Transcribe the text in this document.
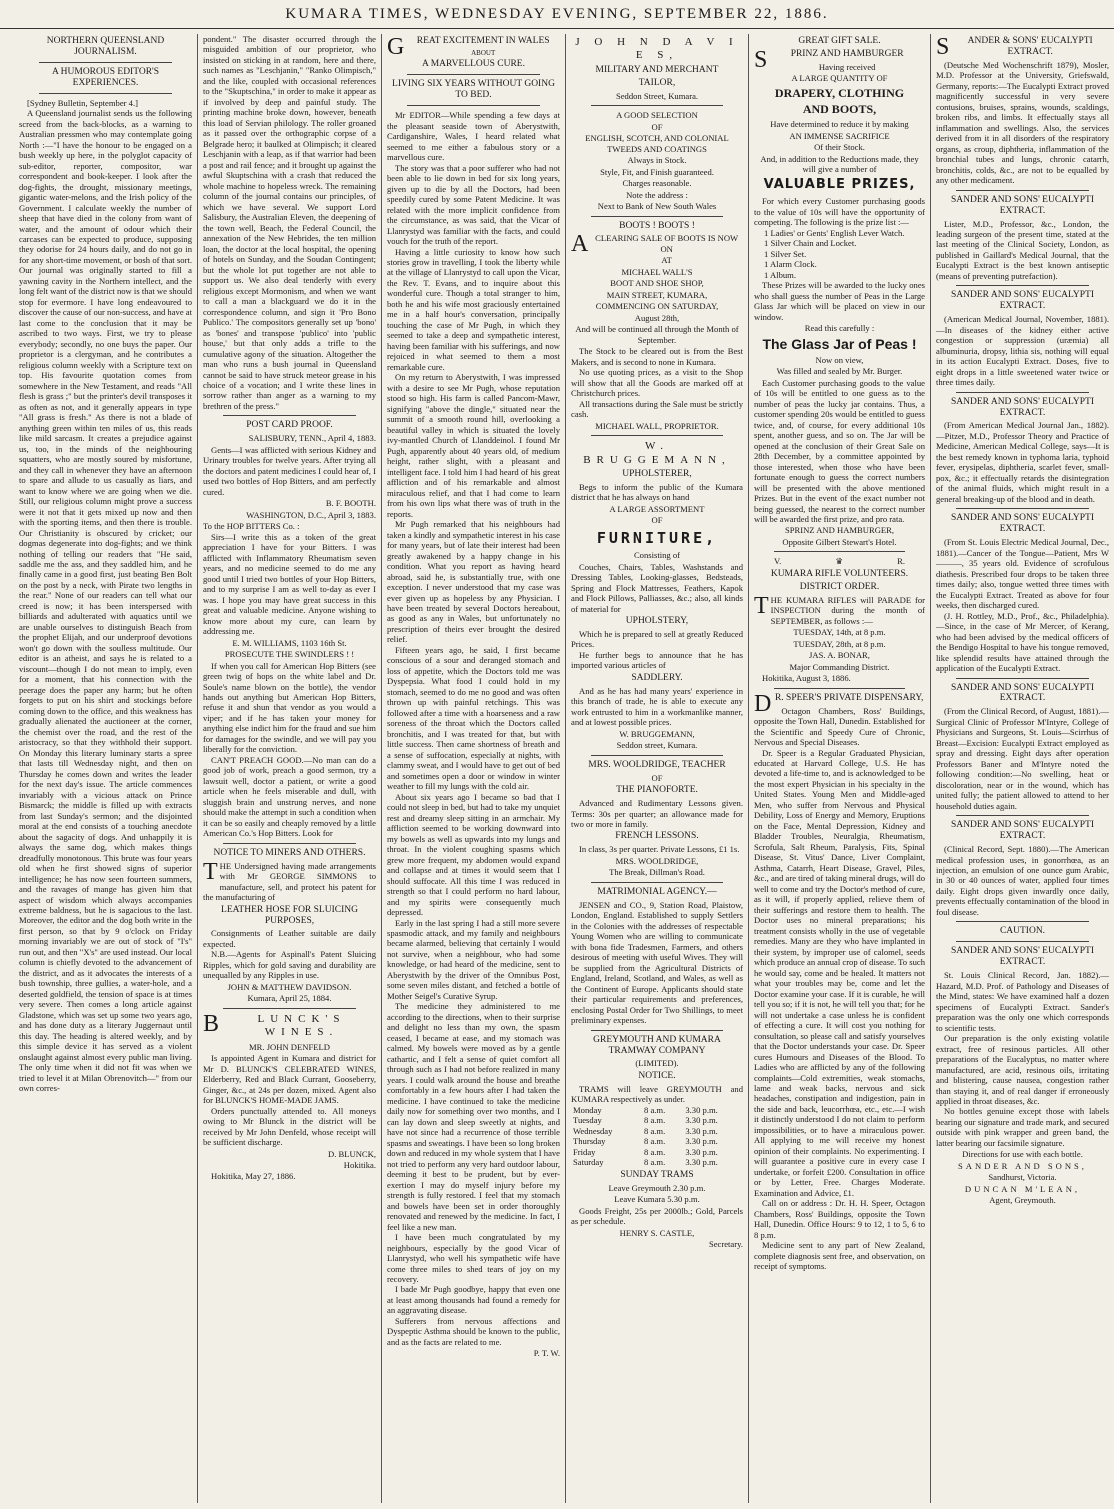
KUMARA TIMES, WEDNESDAY EVENING, SEPTEMBER 22, 1886.
NORTHERN QUEENSLAND JOURNALISM.
A HUMOROUS EDITOR'S EXPERIENCES.

[Sydney Bulletin, September 4.]

A Queensland journalist sends us the following screed from the back-blocks, as a warning to Australian pressmen who may contemplate going North :—"I have the honour to be engaged on a bush weekly up here, in the polyglot capacity of sub-editor, reporter, compositor, war correspondent and book-keeper. I look after the dog-fights, the drought, missionary meetings, gigantic water-melons, and the Irish policy of the Government. I calculate weekly the number of sheep that have died in the colony from want of water, and the amount of odour which their carcases can be expected to produce, supposing they odorise for 24 hours daily, and do not go in for any short-time movement, or bosh of that sort. Our journal was originally started to fill a yawning cavity in the Northern intellect, and the long felt want of the district now is that we should stop for evermore. I have long endeavoured to discover the cause of our non-success, and have at last come to the conclusion that it may be ascribed to two ways. First, we try to please everybody; secondly, no one buys the paper. Our proprietor is a clergyman, and he contributes a religious column weekly with a Scripture text on top. His favourite quotation comes from somewhere in the New Testament, and reads "All flesh is grass ;" but the printer's devil transposes it as often as not, and it generally appears in type "All grass is fresh." As there is not a blade of anything green within ten miles of us, this reads like mild sarcasm. It creates a prejudice against us, too, in the minds of the neighbouring squatters, who are mostly soured by misfortune, and they call in whenever they have an afternoon to spare and allude to us casually as liars, and want to know where we are going when we die. Still, our religious column might prove a success were it not that it gets mixed up now and then with the sporting items, and then there is trouble. Our Christianity is obscured by cricket; our dogmas degenerate into dog-fights; and we think nothing of telling our readers that "He said, saddle me the ass, and they saddled him, and he finally came in a good first, just beating Ben Bolt on the post by a neck, with Pirate two lengths in the rear." None of our readers can tell what our creed is now; it has been interspersed with billiards and adulterated with aquatics until we are unable ourselves to distinguish Beach from the prophet Elijah, and our underproof devotions won't go down with the soulless multitude. Our editor is an atheist, and says he is related to a viscount—though I do not mean to imply, even for a moment, that his connection with the peerage does the paper any harm; but he often forgets to put on his shirt and stockings before coming down to the office, and this weakness has gradually alienated the auctioneer at the corner, the chemist over the road, and the rest of the aristocracy, so that they withhold their support. On Monday this literary luminary starts a spree that lasts till Wednesday night, and then on Thursday he comes down and writes the leader for the next day's issue. The article commences invariably with a vicious attack on Prince Bismarck; the middle is filled up with extracts from last Sunday's sermon; and the disjointed moral at the end consists of a touching anecdote about the sagacity of dogs. And unhappily it is always the same dog, which makes things dreadfully monotonous. This brute was four years old when he first showed signs of superior intelligence; he has now seen fourteen summers, and the ravages of mange has given him that aspect of wisdom which always accompanies extreme baldness, but he is sagacious to the last. Moreover, the editor and the dog both write in the first person, so that by 9 o'clock on Friday morning invariably we are out of stock of "I's" run out, and then "X's" are used instead. Our local column is chiefly devoted to the advancement of the district, and as it advocates the interests of a bush township, three gullies, a water-hole, and a deserted goldfield, the tension of space is at times very severe. Then comes a long article against Gladstone, which was set up some two years ago, and has done duty as a literary Juggernaut until this day. The heading is altered weekly, and by this simple device it has served as a violent onslaught against almost every public man living. The only time when it did not fit was when we tried to level it at Milan Obrenovitch—" from our own corres-

pondent." The disaster occurred through the misguided ambition of our proprietor, who insisted on sticking in at random, here and there, such names as "Leschjanin," "Ranko Olimpisch," and the like, coupled with occasional references to the "Skuptschina," in order to make it appear as if involved by deep and painful study. The printing machine broke down, however, beneath this load of Servian philology. The roller groaned as it passed over the orthographic corpse of a Belgrade hero; it baulked at Olimpisch; it cleared Leschjanin with a leap, as if that warrior had been a post and rail fence; and it brought up against the awful Skuptschina with a crash that reduced the whole machine to hopeless wreck. The remaining column of the journal contains our principles, of which we have several. We support Lord Salisbury, the Australian Eleven, the deepening of the town well, Beach, the Federal Council, the annexation of the New Hebrides, the ten million loan, the doctor at the local hospital, the opening of hotels on Sunday, and the Soudan Contingent; but the whole lot put together are not able to support us. We also deal tenderly with every religious except Mormonism, and when we want to call a man a blackguard we do it in the correspondence column, and sign it 'Pro Bono Publico.' The compositors generally set up 'bono' as 'bones' and transpose 'publico' into 'public house,' but that only adds a trifle to the cumulative agony of the situation. Altogether the man who runs a bush journal in Queensland cannot be said to have struck meteor grease in his choice of a vocation; and I write these lines in sorrow rather than anger as a warning to my brethren of the press."

POST CARD PROOF.

SALISBURY, TENN., April 4, 1883.

Gents—I was afflicted with serious Kidney and Urinary troubles for twelve years. After trying all the doctors and patent medicines I could hear of, I used two bottles of Hop Bitters, and am perfectly cured.

B. F. BOOTH.

WASHINGTON, D.C., April 3, 1883.

To the HOP BITTERS Co. :

Sirs—I write this as a token of the great appreciation I have for your Bitters. I was afflicted with Inflammatory Rheumatism seven years, and no medicine seemed to do me any good until I tried two bottles of your Hop Bitters, and to my surprise I am as well to-day as ever I was. I hope you may have great success in this great and valuable medicine. Anyone wishing to know more about my cure, can learn by addressing me.

E. M. WILLIAMS, 1103 16th St.

PROSECUTE THE SWINDLERS ! !

If when you call for American Hop Bitters (see green twig of hops on the white label and Dr. Soule's name blown on the bottle), the vendor hands out anything but American Hop Bitters, refuse it and shun that vendor as you would a viper; and if he has taken your money for anything else indict him for the fraud and sue him for damages for the swindle, and we will pay you liberally for the conviction.

CAN'T PREACH GOOD.—No man can do a good job of work, preach a good sermon, try a lawsuit well, doctor a patient, or write a good article when he feels miserable and dull, with sluggish brain and unstrung nerves, and none should make the attempt in such a condition when it can be so easily and cheaply removed by a little American Co.'s Hop Bitters. Look for

NOTICE TO MINERS AND OTHERS.

THE Undersigned having made arrangements with Mr GEORGE SIMMONS to manufacture, sell, and protect his patent for the manufacturing of

LEATHER HOSE FOR SLUICING PURPOSES,

Consignments of Leather suitable are daily expected.

N.B.—Agents for Aspinall's Patent Sluicing Ripples, which for gold saving and durability are unequalled by any Ripples in use.

JOHN & MATTHEW DAVIDSON.

Kumara, April 25, 1884.

B	LUNCK'S WINES.

MR. JOHN DENFELD

Is appointed Agent in Kumara and district for Mr D. BLUNCK'S CELEBRATED WINES, Elderberry, Red and Black Currant, Gooseberry, Ginger, &c., at 24s per dozen, mixed. Agent also for BLUNCK'S HOME-MADE JAMS.

Orders punctually attended to. All moneys owing to Mr Blunck in the district will be received by Mr John Denfeld, whose receipt will be sufficient discharge.

D. BLUNCK,

Hokitika.

Hokitika, May 27, 1886.

G REAT EXCITEMENT IN WALES
ABOUT
A MARVELLOUS CURE.
LIVING SIX YEARS WITHOUT GOING TO BED.

Mr EDITOR—While spending a few days at the pleasant seaside town of Aberystwith, Cardiganshire, Wales, I heard related what seemed to me either a fabulous story or a marvellous cure.

The story was that a poor sufferer who had not been able to lie down in bed for six long years, given up to die by all the Doctors, had been speedily cured by some Patent Medicine. It was related with the more implicit confidence from the circumstance, as was said, that the Vicar of Llanrystyd was familiar with the facts, and could vouch for the truth of the report.

Having a little curiosity to know how such stories grow in travelling, I took the liberty while at the village of Llanrystyd to call upon the Vicar, the Rev. T. Evans, and to inquire about this wonderful cure. Though a total stranger to him, both he and his wife most graciously entertained me in a half hour's conversation, principally touching the case of Mr Pugh, in which they seemed to take a deep and sympathetic interest, having been familiar with his sufferings, and now rejoiced in what seemed to them a most remarkable cure.

On my return to Aberystwith, I was impressed with a desire to see Mr Pugh, whose reputation stood so high. His farm is called Pancom-Mawr, signifying "above the dingle," situated near the summit of a smooth round hill, overlooking a beautiful valley in which is situated the lovely ivy-mantled Church of Llanddeinol. I found Mr Pugh, apparently about 40 years old, of medium height, rather slight, with a pleasant and intelligent face. I told him I had heard of his great affliction and of his remarkable and almost miraculous relief, and that I had come to learn from his own lips what there was of truth in the reports.

Mr Pugh remarked that his neighbours had taken a kindly and sympathetic interest in his case for many years, but of late their interest had been greatly awakened by a happy change in his condition. What you report as having heard abroad, said he, is substantially true, with one exception. I never understood that my case was ever given up as hopeless by any Physician. I have been treated by several Doctors hereabout, as good as any in Wales, but unfortunately no prescription of theirs ever brought the desired relief.

Fifteen years ago, he said, I first became conscious of a sour and deranged stomach and loss of appetite, which the Doctors told me was Dyspepsia. What food I could hold in my stomach, seemed to do me no good and was often thrown up with painful retchings. This was followed after a time with a hoarseness and a raw soreness of the throat which the Doctors called bronchitis, and I was treated for that, but with little success. Then came shortness of breath and a sense of suffocation, especially at nights, with clammy sweat, and I would have to get out of bed and sometimes open a door or window in winter weather to fill my lungs with the cold air.

About six years ago I became so bad that I could not sleep in bed, but had to take my unquiet rest and dreamy sleep sitting in an armchair. My affliction seemed to be working downward into my bowels as well as upwards into my lungs and throat. In the violent coughing spasms which grew more frequent, my abdomen would expand and collapse and at times it would seem that I should suffocate. All this time I was reduced in strength so that I could perform no hard labour, and my spirits were consequently much depressed.

Early in the last spring I had a still more severe spasmodic attack, and my family and neighbours became alarmed, believing that certainly I would not survive, when a neighbour, who had some knowledge, or had heard of the medicine, sent to Aberystwith by the driver of the Omnibus Post, some seven miles distant, and fetched a bottle of Mother Seigel's Curative Syrup.

The medicine they administered to me according to the directions, when to their surprise and delight no less than my own, the spasm ceased, I became at ease, and my stomach was calmed. My bowels were moved as by a gentle cathartic, and I felt a sense of quiet comfort all through such as I had not before realized in many years. I could walk around the house and breathe comfortably in a few hours after I had taken the medicine. I have continued to take the medicine daily now for something over two months, and I can lay down and sleep sweetly at nights, and have not since had a recurrence of those terrible spasms and sweatings. I have been so long broken down and reduced in my whole system that I have not tried to perform any very hard outdoor labour, deeming it best to be prudent, but by ever-exertion I may do myself injury before my strength is fully restored. I feel that my stomach and bowels have been set in order thoroughly renovated and renewed by the medicine. In fact, I feel like a new man.

I have been much congratulated by my neighbours, especially by the good Vicar of Llanrystyd, who well his sympathetic wife have come three miles to shed tears of joy on my recovery.

I bade Mr Pugh goodbye, happy that even one at least among thousands had found a remedy for an aggravating disease.

Sufferers from nervous affections and Dyspeptic Asthma should be known to the public, and as the facts are related to me.

P. T. W.

J O H N D A V I E S,
MILITARY AND MERCHANT
TAILOR,

Seddon Street, Kumara.

A GOOD SELECTION

OF

ENGLISH, SCOTCH, AND COLONIAL TWEEDS AND COATINGS

Always in Stock.

Style, Fit, and Finish guaranteed.

Charges reasonable.

Note the address :

Next to Bank of New South Wales

BOOTS ! BOOTS !

ACLEARING SALE OF BOOTS IS NOW ON

AT

MICHAEL WALL'S

BOOT AND SHOE SHOP,

MAIN STREET, KUMARA,

COMMENCING ON SATURDAY,

August 28th,

And will be continued all through the Month of September.

The Stock to be cleared out is from the Best Makers, and is second to none in Kumara.

No use quoting prices, as a visit to the Shop will show that all the Goods are marked off at Christchurch prices.

All transactions during the Sale must be strictly cash.

MICHAEL WALL, PROPRIETOR.

W. BRUGGEMANN,
UPHOLSTERER,

Begs to inform the public of the Kumara district that he has always on hand

A LARGE ASSORTMENT

OF

FURNITURE,

Consisting of

Couches, Chairs, Tables, Washstands and Dressing Tables, Looking-glasses, Bedsteads, Spring and Flock Mattresses, Feathers, Kapok and Flock Pillows, Palliasses, &c.; also, all kinds of material for

UPHOLSTERY,

Which he is prepared to sell at greatly Reduced Prices.

He further begs to announce that he has imported various articles of

SADDLERY.

And as he has had many years' experience in this branch of trade, he is able to execute any work entrusted to him in a workmanlike manner, and at lowest possible prices.

W. BRUGGEMANN,

Seddon street, Kumara.

MRS. WOOLDRIDGE, TEACHER

OF

THE PIANOFORTE.

Advanced and Rudimentary Lessons given. Terms: 30s per quarter; an allowance made for two or more in family.

FRENCH LESSONS.

In class, 3s per quarter. Private Lessons, £1 1s.

MRS. WOOLDRIDGE,

The Break, Dillman's Road.

MATRIMONIAL AGENCY.—

JENSEN and CO., 9, Station Road, Plaistow, London, England. Established to supply Settlers in the Colonies with the addresses of respectable Young Women who are willing to communicate with bona fide Tradesmen, Farmers, and others desirous of meeting with useful Wives. They will be supplied from the Agricultural Districts of England, Ireland, Scotland, and Wales, as well as the Continent of Europe. Applicants should state their particular requirements and preferences, enclosing Postal Order for Two Shillings, to meet preliminary expenses.

GREYMOUTH AND KUMARA TRAMWAY COMPANY

(LIMITED).

NOTICE.

TRAMS will leave GREYMOUTH and KUMARA respectively as under.

Monday	8 a.m.	3.30 p.m.
Tuesday	8 a.m.	3.30 p.m.
Wednesday	8 a.m.	3.30 p.m.
Thursday	8 a.m.	3.30 p.m.
Friday	8 a.m.	3.30 p.m.
Saturday	8 a.m.	3.30 p.m.
SUNDAY TRAMS

Leave Greymouth 2.30 p.m.

Leave Kumara 5.30 p.m.

Goods Freight, 25s per 2000lb.; Gold, Parcels as per schedule.

HENRY S. CASTLE,

Secretary.

GREAT GIFT SALE.
S PRINZ AND HAMBURGER

Having received

A LARGE QUANTITY OF

DRAPERY, CLOTHING
AND BOOTS,

Have determined to reduce it by making

AN IMMENSE SACRIFICE

Of their Stock.

And, in addition to the Reductions made, they will give a number of

VALUABLE PRIZES,

For which every Customer purchasing goods to the value of 10s will have the opportunity of competing. The following is the prize list :—

1 Ladies' or Gents' English Lever Watch.

1 Silver Chain and Locket.

1 Silver Set.

1 Alarm Clock.

1 Album.

These Prizes will be awarded to the lucky ones who shall guess the number of Peas in the Large Glass Jar which will be placed on view in our window.

Read this carefully :

The Glass Jar of Peas !

Now on view,

Was filled and sealed by Mr. Burger.

Each Customer purchasing goods to the value of 10s will be entitled to one guess as to the number of peas the lucky jar contains. Thus, a customer spending 20s would be entitled to guess twice, and, of course, for every additional 10s spent, another guess, and so on. The Jar will be opened at the conclusion of their Great Sale on 28th December, by a committee appointed by those interested, when those who have been fortunate enough to guess the correct numbers will be presented with the above mentioned Prizes. But in the event of the exact number not being guessed, the nearest to the correct number will be awarded the first prize, and pro rata.

SPRINZ AND HAMBURGER,

Opposite Gilbert Stewart's Hotel.

V.	♛	R.
KUMARA RIFLE VOLUNTEERS.
DISTRICT ORDER.

THE KUMARA RIFLES will PARADE for INSPECTION during the month of SEPTEMBER, as follows :—

TUESDAY, 14th, at 8 p.m.

TUESDAY, 28th, at 8 p.m.

JAS. A. BONAR,

Major Commanding District.

Hokitika, August 3, 1886.

D R. SPEER'S PRIVATE DISPENSARY,

Octagon Chambers, Ross' Buildings, opposite the Town Hall, Dunedin. Established for the Scientific and Speedy Cure of Chronic, Nervous and Special Diseases.

Dr. Speer is a Regular Graduated Physician, educated at Harvard College, U.S. He has devoted a life-time to, and is acknowledged to be the most expert Physician in his specialty in the United States. Young Men and Middle-aged Men, who suffer from Nervous and Physical Debility, Loss of Energy and Memory, Eruptions on the Face, Mental Depression, Kidney and Bladder Troubles, Neuralgia, Rheumatism, Scrofula, Salt Rheum, Paralysis, Fits, Spinal Disease, St. Vitus' Dance, Liver Complaint, Asthma, Catarrh, Heart Disease, Gravel, Piles, &c., and are tired of taking mineral drugs, will do well to come and try the Doctor's method of cure, as it will, if properly applied, relieve them of their sufferings and restore them to health. The Doctor uses no mineral preparations; his treatment consists wholly in the use of vegetable remedies. Many are they who have implanted in their system, by improper use of calomel, seeds which produce an annual crop of disease. To such he would say, come and be healed. It matters not what your troubles may be, come and let the Doctor examine your case. If it is curable, he will tell you so; if it is not, he will tell you that; for he will not undertake a case unless he is confident of effecting a cure. It will cost you nothing for consultation, so please call and satisfy yourselves that the Doctor understands your case. Dr. Speer cures Humours and Diseases of the Blood. To Ladies who are afflicted by any of the following complaints—Cold extremities, weak stomachs, lame and weak backs, nervous and sick headaches, constipation and indigestion, pain in the side and back, leucorrhœa, etc., etc.—I wish it distinctly understood I do not claim to perform impossibilities, or to have a miraculous power. All applying to me will receive my honest opinion of their complaints. No experimenting. I will guarantee a positive cure in every case I undertake, or forfeit £200. Consultation in office or by Letter, Free. Charges Moderate. Examination and Advice, £1.

Call on or address : Dr. H. H. Speer, Octagon Chambers, Ross' Buildings, opposite the Town Hall, Dunedin. Office Hours: 9 to 12, 1 to 5, 6 to 8 p.m.

Medicine sent to any part of New Zealand, complete diagnosis sent free, and observation, on receipt of symptoms.

S ANDER & SONS' EUCALYPTI EXTRACT.

(Deutsche Med Wochenschrift 1879), Mosler, M.D. Professor at the University, Griefswald, Germany, reports:—The Eucalypti Extract proved magnificently successful in very severe contusions, bruises, sprains, wounds, scaldings, broken ribs, and limbs. It effectually stays all inflammation and swellings. Also, the services derived from it in all disorders of the respiratory organs, as croup, diphtheria, inflammation of the bronchial tubes and lungs, chronic catarrh, bronchitis, colds, &c., are not to be equalled by any other medicament.

SANDER AND SONS' EUCALYPTI EXTRACT.

Lister, M.D., Professor, &c., London, the leading surgeon of the present time, stated at the last meeting of the Clinical Society, London, as published in Gaillard's Medical Journal, that the Eucalypti Extract is the best known antiseptic (means of preventing putrefaction).

SANDER AND SONS' EUCALYPTI EXTRACT.

(American Medical Journal, November, 1881).—In diseases of the kidney either active congestion or suppression (uræmia) all albuminuria, dropsy, lithia sis, nothing will equal in its action Eucalypti Extract. Doses, five to eight drops in a little sweetened water twice or three times daily.

SANDER AND SONS' EUCALYPTI EXTRACT.

(From American Medical Journal Jan., 1882).—Pitzer, M.D., Professor Theory and Practice of Medicine, American Medical College, says—It is the best remedy known in typhoma laria, typhoid fever, erysipelas, diphtheria, scarlet fever, small-pox, &c.; it effectually retards the disintegration of the animal fluids, which might result in a general breaking-up of the blood and in death.

SANDER AND SONS' EUCALYPTI EXTRACT.

(From St. Louis Electric Medical Journal, Dec., 1881).—Cancer of the Tongue—Patient, Mrs W———, 35 years old. Evidence of scrofulous diathesis. Prescribed four drops to be taken three times daily; also, tongue wetted three times with the Eucalypti Extract. Treated as above for four weeks, then discharged cured.

(J. H. Rottley, M.D., Prof., &c., Philadelphia).—Since, in the case of Mr Mercer, of Kerang, who had been advised by the medical officers of the Bendigo Hospital to have his tongue removed, like splendid results have attained through the application of the Eucalypti Extract.

SANDER AND SONS' EUCALYPTI EXTRACT.

(From the Clinical Record, of August, 1881).—Surgical Clinic of Professor M'Intyre, College of Physicians and Surgeons, St. Louis—Scirrhus of Breast—Excision: Eucalypti Extract employed as spray and dressing. Eight days after operation Professors Baner and M'Intyre noted the following condition:—No swelling, heat or discoloration, near or in the wound, which has united fully; the patient allowed to attend to her household duties again.

SANDER AND SONS' EUCALYPTI EXTRACT.

(Clinical Record, Sept. 1880).—The American medical profession uses, in gonorrhœa, as an injection, an emulsion of one ounce gum Arabic, in 30 or 40 ounces of water, applied four times daily. Eight drops given inwardly once daily, prevents effectually contamination of the blood in foul disease.

CAUTION.
SANDER AND SONS' EUCALYPTI EXTRACT.

St. Louis Clinical Record, Jan. 1882).—Hazard, M.D. Prof. of Pathology and Diseases of the Mind, states: We have examined half a dozen specimens of Eucalypti Extract. Sander's preparation was the only one which corresponds to scientific tests.

Our preparation is the only existing volatile extract, free of resinous particles. All other preparations of the Eucalyptus, no matter where manufactured, are acid, resinous oils, irritating and blistering, cause nausea, congestion rather than staying it, and of real danger if erroneously applied in throat diseases, &c.

No bottles genuine except those with labels bearing our signature and trade mark, and secured outside with pink wrapper and green band, the latter bearing our facsimile signature.

Directions for use with each bottle.

SANDER AND SONS,

Sandhurst, Victoria.

DUNCAN M'LEAN,

Agent, Greymouth.
